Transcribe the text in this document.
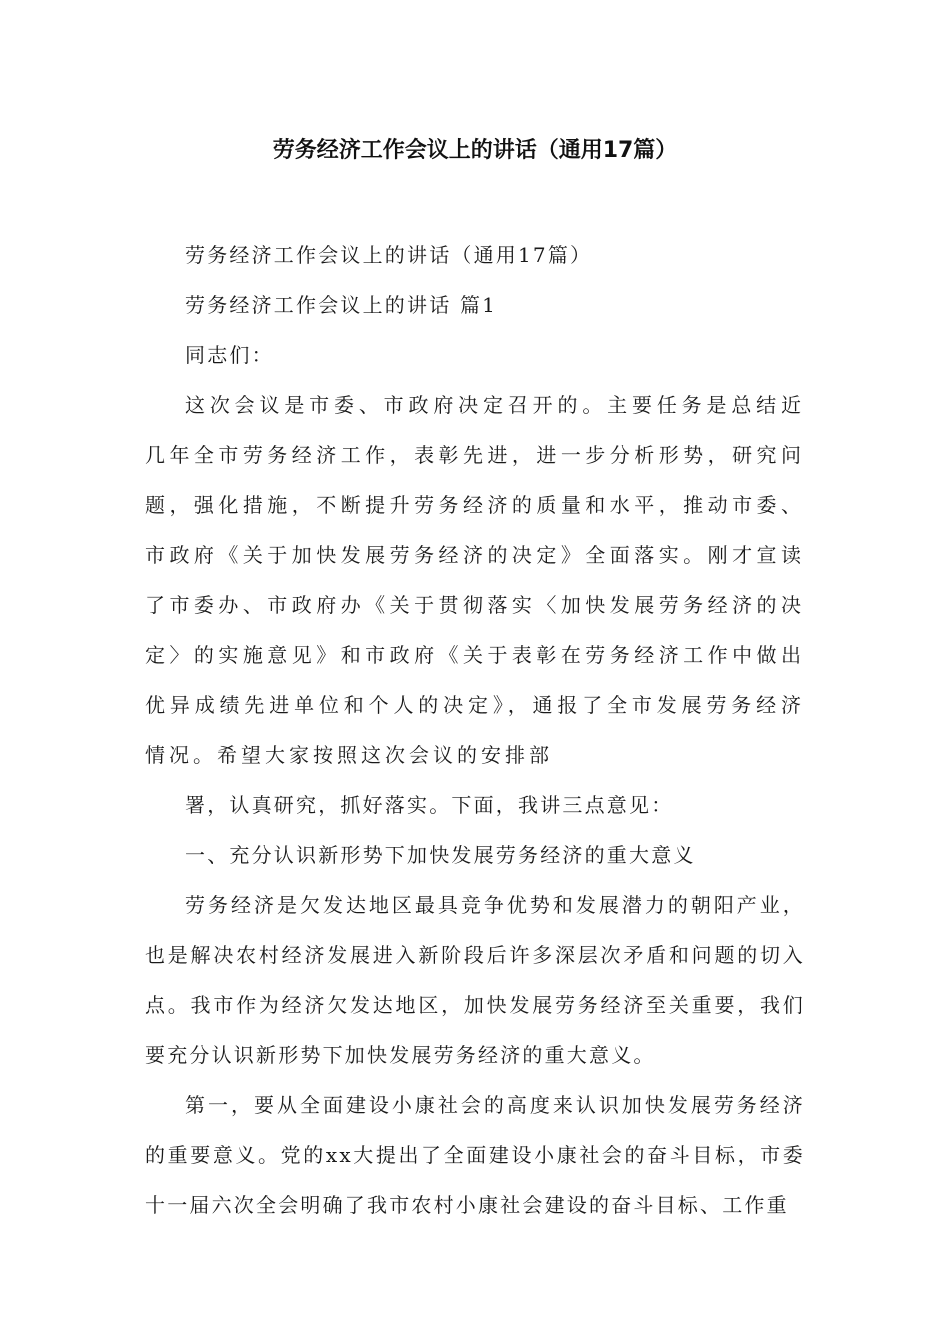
劳务经济工作会议上的讲话（通用17篇）

劳务经济工作会议上的讲话（通用17篇）

劳务经济工作会议上的讲话 篇1

同志们：

这次会议是市委、市政府决定召开的。主要任务是总结近几年全市劳务经济工作，表彰先进，进一步分析形势，研究问题，强化措施，不断提升劳务经济的质量和水平，推动市委、市政府《关于加快发展劳务经济的决定》全面落实。刚才宣读了市委办、市政府办《关于贯彻落实〈加快发展劳务经济的决定〉的实施意见》和市政府《关于表彰在劳务经济工作中做出优异成绩先进单位和个人的决定》，通报了全市发展劳务经济情况。希望大家按照这次会议的安排部

署，认真研究，抓好落实。下面，我讲三点意见：

一、充分认识新形势下加快发展劳务经济的重大意义

劳务经济是欠发达地区最具竞争优势和发展潜力的朝阳产业，也是解决农村经济发展进入新阶段后许多深层次矛盾和问题的切入点。我市作为经济欠发达地区，加快发展劳务经济至关重要，我们要充分认识新形势下加快发展劳务经济的重大意义。

第一，要从全面建设小康社会的高度来认识加快发展劳务经济的重要意义。党的xx大提出了全面建设小康社会的奋斗目标，市委十一届六次全会明确了我市农村小康社会建设的奋斗目标、工作重
